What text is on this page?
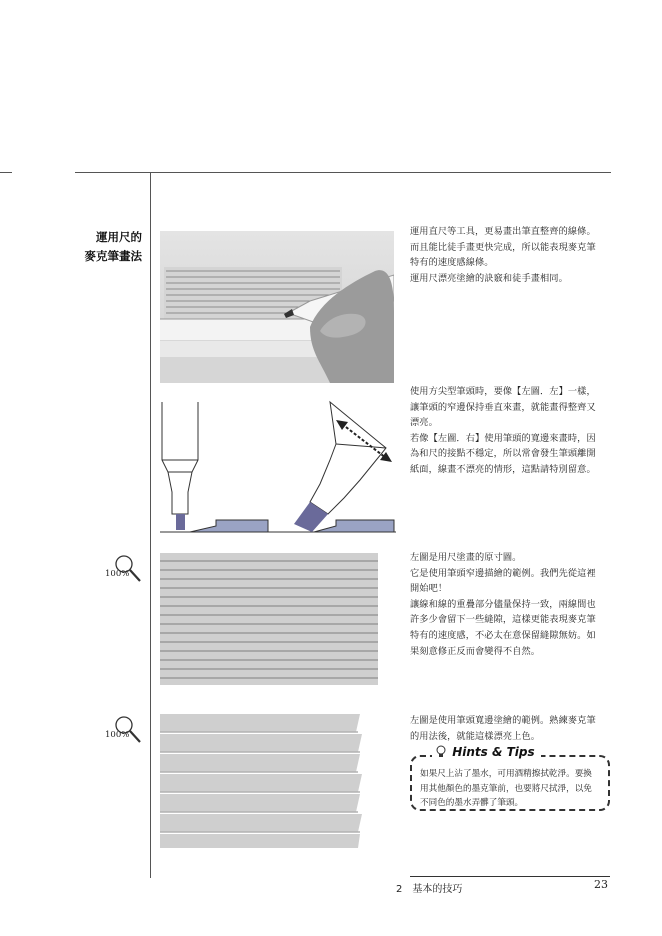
運用尺的
麥克筆畫法
100%
100%

運用直尺等工具，更易畫出筆直整齊的線條。

而且能比徒手畫更快完成，所以能表現麥克筆

特有的速度感線條。

運用尺漂亮塗繪的訣竅和徒手畫相同。

使用方尖型筆頭時，要像【左圖．左】一樣，

讓筆頭的窄邊保持垂直來畫，就能畫得整齊又

漂亮。

若像【左圖．右】使用筆頭的寬邊來畫時，因

為和尺的接點不穩定，所以常會發生筆頭離開

紙面，線畫不漂亮的情形，這點請特別留意。

左圖是用尺塗畫的原寸圖。

它是使用筆頭窄邊描繪的範例。我們先從這裡

開始吧！

讓線和線的重疊部分儘量保持一致，兩線間也

許多少會留下一些縫隙，這樣更能表現麥克筆

特有的速度感，不必太在意保留縫隙無妨。如

果刻意修正反而會變得不自然。

左圖是使用筆頭寬邊塗繪的範例。熟練麥克筆

的用法後，就能這樣漂亮上色。

Hints & Tips
如果尺上沾了墨水，可用酒精擦拭乾淨。要換
用其他顏色的墨克筆前，也要將尺拭淨，以免
不同色的墨水弄髒了筆頭。
2　基本的技巧	23
